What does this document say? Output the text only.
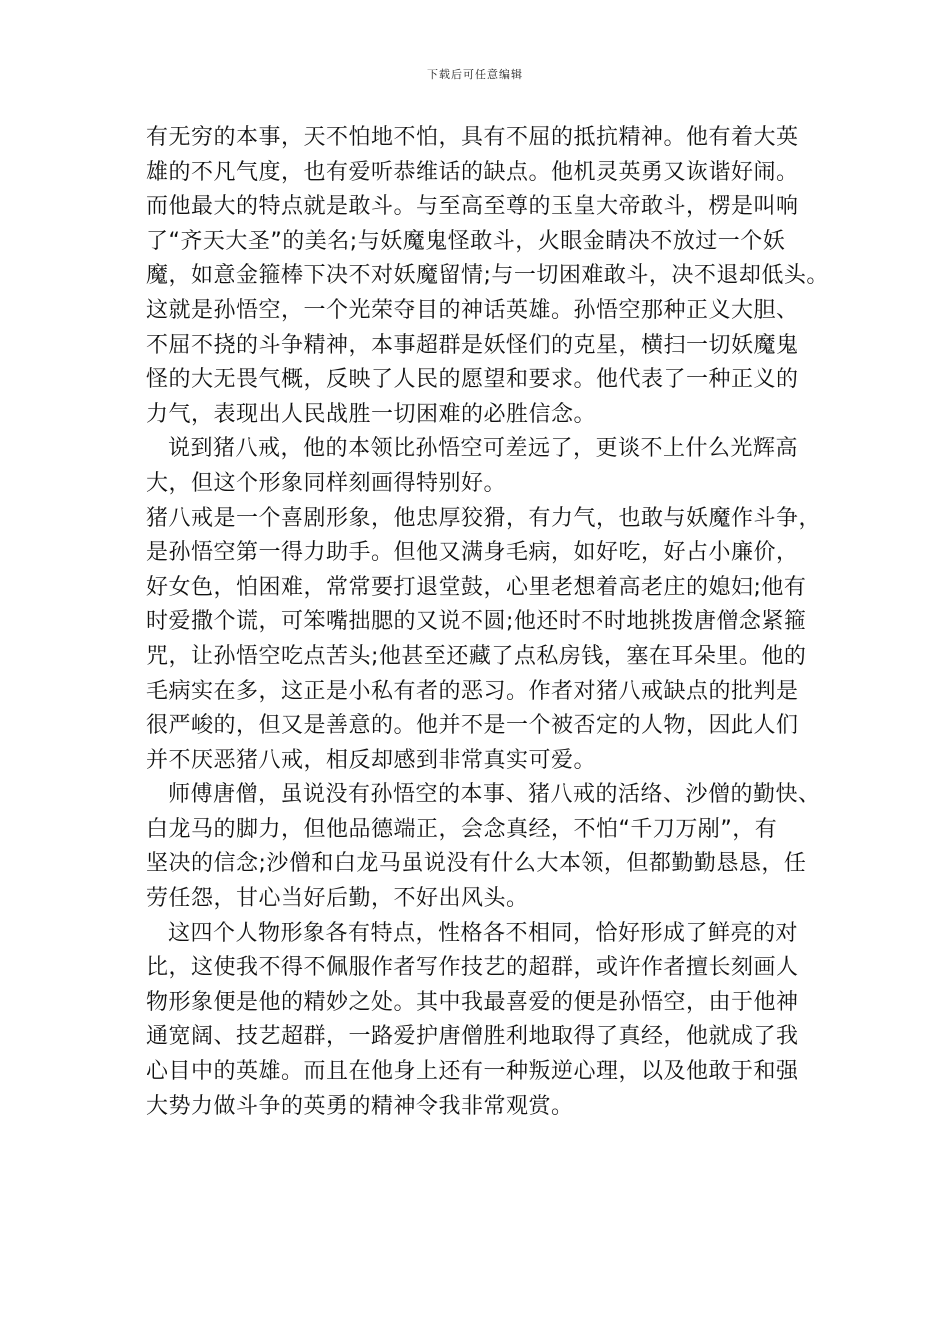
下载后可任意编辑
有无穷的本事，天不怕地不怕，具有不屈的抵抗精神。他有着大英
雄的不凡气度，也有爱听恭维话的缺点。他机灵英勇又诙谐好闹。
而他最大的特点就是敢斗。与至高至尊的玉皇大帝敢斗，楞是叫响
了“齐天大圣”的美名;与妖魔鬼怪敢斗，火眼金睛决不放过一个妖
魔，如意金箍棒下决不对妖魔留情;与一切困难敢斗，决不退却低头。
这就是孙悟空，一个光荣夺目的神话英雄。孙悟空那种正义大胆、
不屈不挠的斗争精神，本事超群是妖怪们的克星，横扫一切妖魔鬼
怪的大无畏气概，反映了人民的愿望和要求。他代表了一种正义的
力气，表现出人民战胜一切困难的必胜信念。
说到猪八戒，他的本领比孙悟空可差远了，更谈不上什么光辉高
大，但这个形象同样刻画得特别好。
猪八戒是一个喜剧形象，他忠厚狡猾，有力气，也敢与妖魔作斗争，
是孙悟空第一得力助手。但他又满身毛病，如好吃，好占小廉价，
好女色，怕困难，常常要打退堂鼓，心里老想着高老庄的媳妇;他有
时爱撒个谎，可笨嘴拙腮的又说不圆;他还时不时地挑拨唐僧念紧箍
咒，让孙悟空吃点苦头;他甚至还藏了点私房钱，塞在耳朵里。他的
毛病实在多，这正是小私有者的恶习。作者对猪八戒缺点的批判是
很严峻的，但又是善意的。他并不是一个被否定的人物，因此人们
并不厌恶猪八戒，相反却感到非常真实可爱。
师傅唐僧，虽说没有孙悟空的本事、猪八戒的活络、沙僧的勤快、
白龙马的脚力，但他品德端正，会念真经，不怕“千刀万剐”，有
坚决的信念;沙僧和白龙马虽说没有什么大本领，但都勤勤恳恳，任
劳任怨，甘心当好后勤，不好出风头。
这四个人物形象各有特点，性格各不相同，恰好形成了鲜亮的对
比，这使我不得不佩服作者写作技艺的超群，或许作者擅长刻画人
物形象便是他的精妙之处。其中我最喜爱的便是孙悟空，由于他神
通宽阔、技艺超群，一路爱护唐僧胜利地取得了真经，他就成了我
心目中的英雄。而且在他身上还有一种叛逆心理，以及他敢于和强
大势力做斗争的英勇的精神令我非常观赏。
